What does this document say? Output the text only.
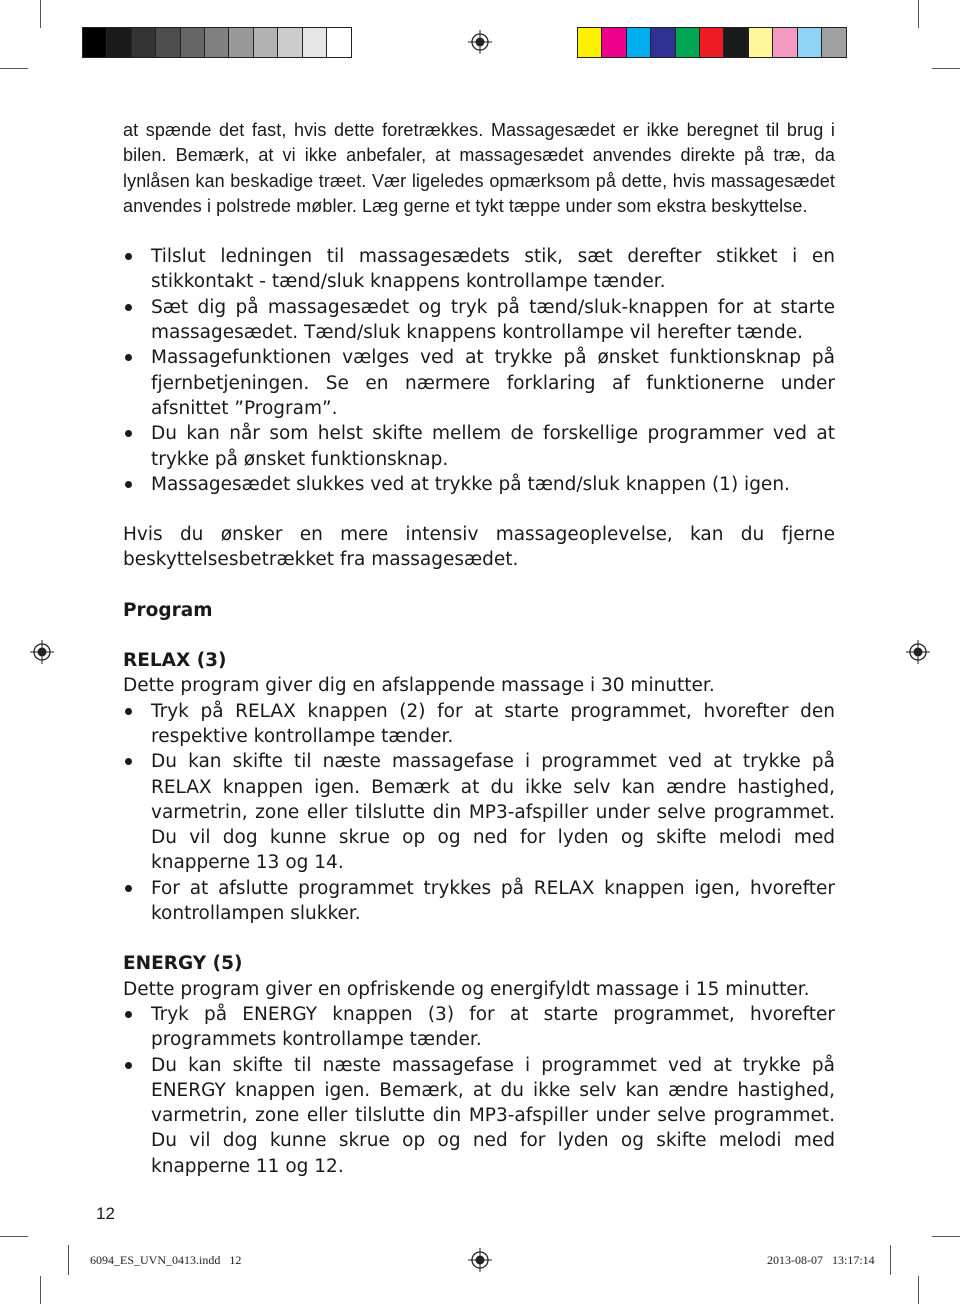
at spænde det fast, hvis dette foretrækkes. Massagesædet er ikke beregnet til brug i bilen. Bemærk, at vi ikke anbefaler, at massagesædet anvendes direkte på træ, da lynlåsen kan beskadige træet. Vær ligeledes opmærksom på dette, hvis massagesædet anvendes i polstrede møbler. Læg gerne et tykt tæppe under som ekstra beskyttelse.

Tilslut ledningen til massagesædets stik, sæt derefter stikket i en stikkontakt - tænd/sluk knappens kontrollampe tænder.
Sæt dig på massagesædet og tryk på tænd/sluk-knappen for at starte massagesædet. Tænd/sluk knappens kontrollampe vil herefter tænde.
Massagefunktionen vælges ved at trykke på ønsket funktionsknap på fjernbetjeningen. Se en nærmere forklaring af funktionerne under afsnittet ”Program”.
Du kan når som helst skifte mellem de forskellige programmer ved at trykke på ønsket funktionsknap.
Massagesædet slukkes ved at trykke på tænd/sluk knappen (1) igen.

Hvis du ønsker en mere intensiv massageoplevelse, kan du fjerne beskyttelsesbetrækket fra massagesædet.

Program

RELAX (3)

Dette program giver dig en afslappende massage i 30 minutter.

Tryk på RELAX knappen (2) for at starte programmet, hvorefter den respektive kontrollampe tænder.
Du kan skifte til næste massagefase i programmet ved at trykke på RELAX knappen igen. Bemærk at du ikke selv kan ændre hastighed, varmetrin, zone eller tilslutte din MP3-afspiller under selve programmet. Du vil dog kunne skrue op og ned for lyden og skifte melodi med knapperne 13 og 14.
For at afslutte programmet trykkes på RELAX knappen igen, hvorefter kontrollampen slukker.

ENERGY (5)

Dette program giver en opfriskende og energifyldt massage i 15 minutter.

Tryk på ENERGY knappen (3) for at starte programmet, hvorefter programmets kontrollampe tænder.
Du kan skifte til næste massagefase i programmet ved at trykke på ENERGY knappen igen. Bemærk, at du ikke selv kan ændre hastighed, varmetrin, zone eller tilslutte din MP3-afspiller under selve programmet. Du vil dog kunne skrue op og ned for lyden og skifte melodi med knapperne 11 og 12.
12
6094_ES_UVN_0413.indd   12	2013-08-07   13:17:14
